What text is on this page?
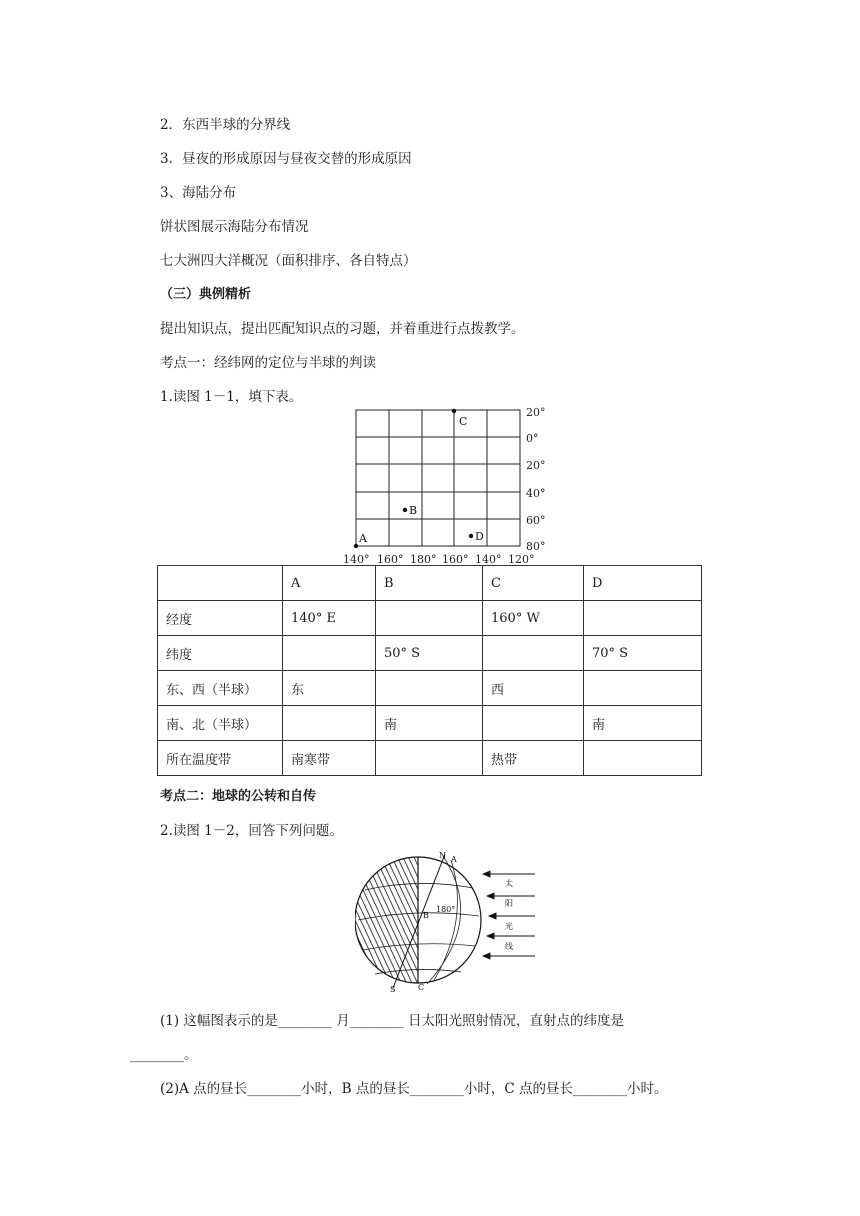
2．东西半球的分界线
3．昼夜的形成原因与昼夜交替的形成原因
3、海陆分布
饼状图展示海陆分布情况
七大洲四大洋概况（面积排序、各自特点）
（三）典例精析
提出知识点，提出匹配知识点的习题，并着重进行点拨教学。
考点一：经纬网的定位与半球的判读
1.读图 1－1，填下表。
20°
0°
20°
40°
60°
80°
140° 160° 180° 160° 140° 120°
C
B
A	D
	A	B	C	D
经度	140° E		160° W	
纬度		50° S		70° S
东、西（半球）	东		西	
南、北（半球）		南		南
所在温度带	南寒带		热带	
考点二：地球的公转和自传
2.读图 1－2，回答下列问题。
N A
B
180°
S	C
太
阳
光
线
(1) 这幅图表示的是________ 月________ 日太阳光照射情况，直射点的纬度是
________。
(2)A 点的昼长________小时，B 点的昼长________小时，C 点的昼长________小时。
